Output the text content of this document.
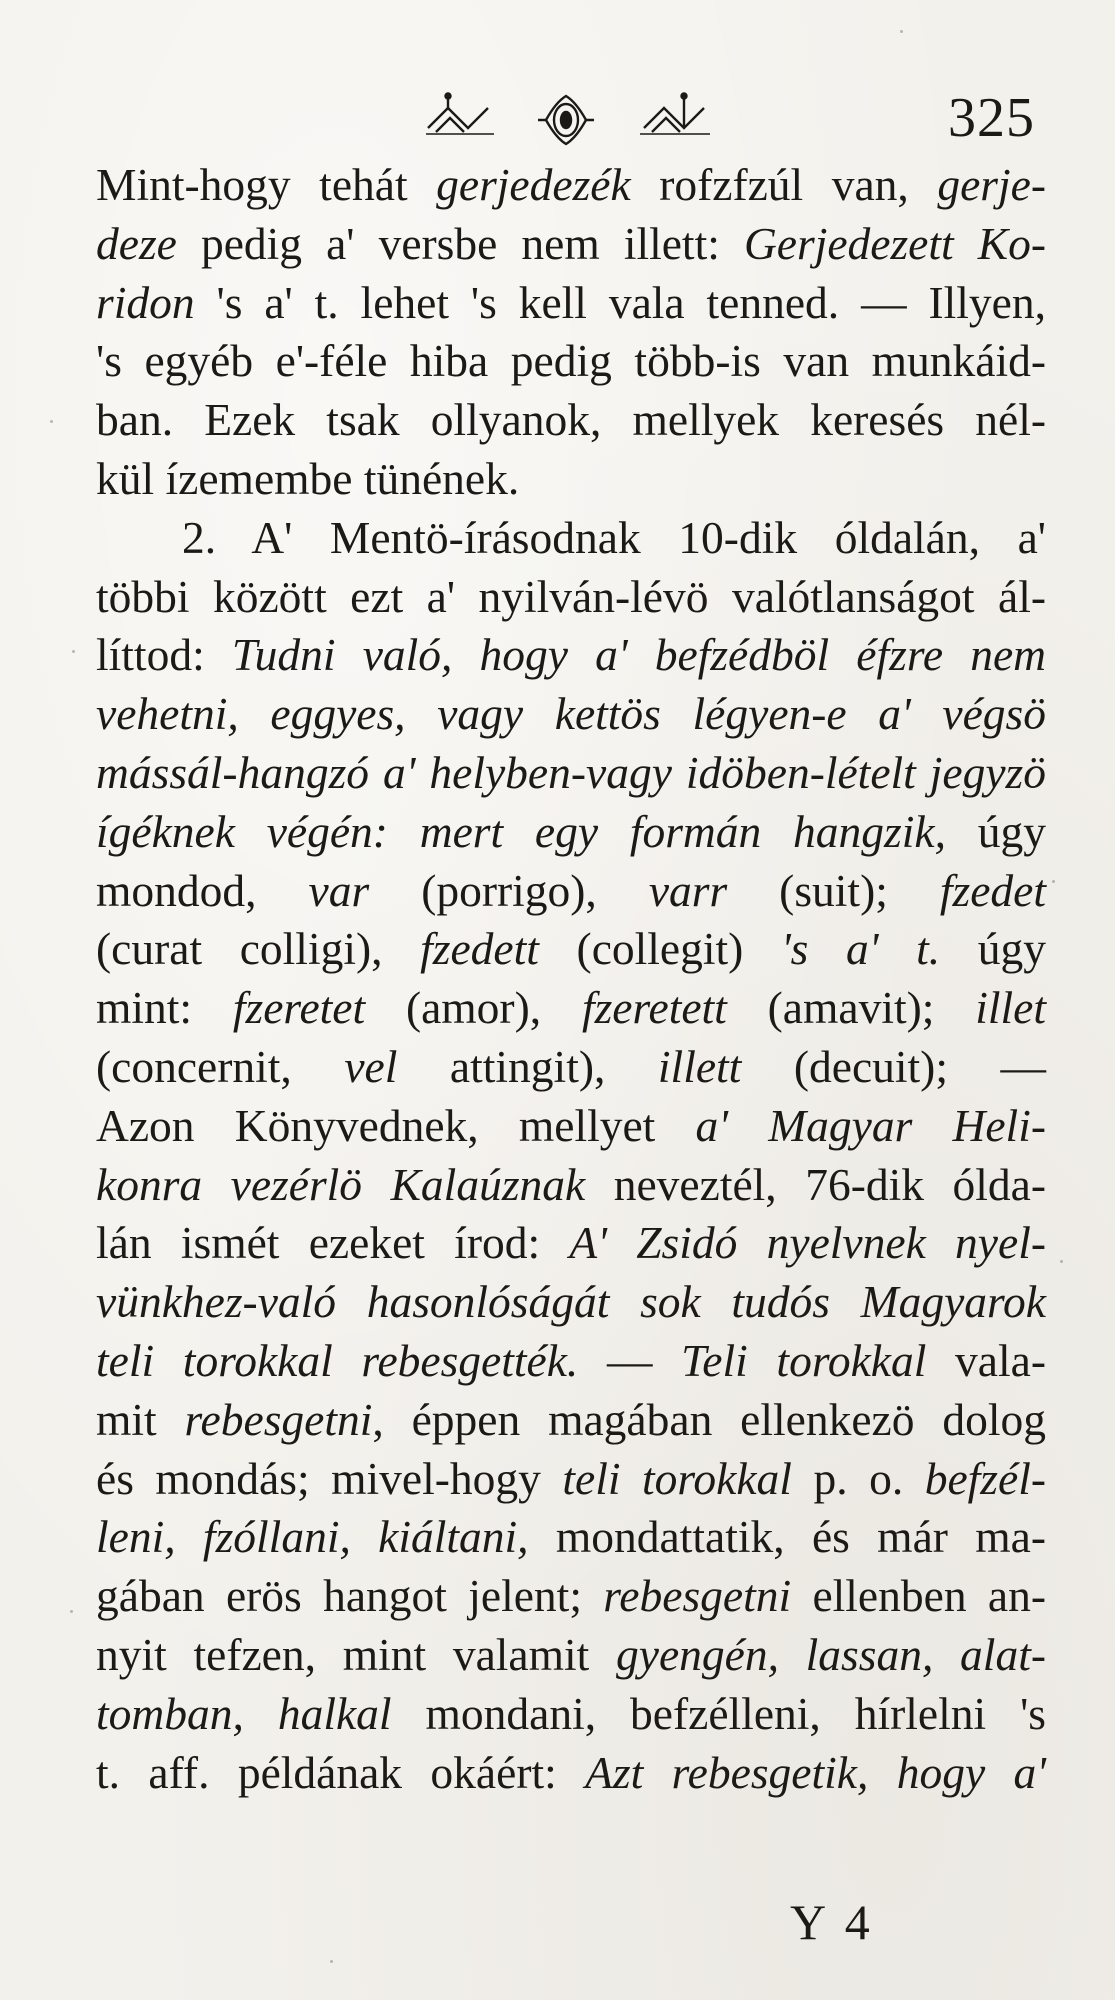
325
Mint-hogy tehát gerjedezék rofzfzúl van, gerje-
deze pedig a' versbe nem illett: Gerjedezett Ko-
ridon 's a' t. lehet 's kell vala tenned. — Illyen,
's egyéb e'-féle hiba pedig több-is van munkáid-
ban. Ezek tsak ollyanok, mellyek keresés nél-
kül ízemembe tünének.
2. A' Mentö-írásodnak 10-dik óldalán, a'
többi között ezt a' nyilván-lévö valótlanságot ál-
líttod: Tudni való, hogy a' befzédböl éfzre nem
vehetni, eggyes, vagy kettös légyen-e a' végsö
mássál-hangzó a' helyben-vagy idöben-lételt jegyzö
ígéknek végén: mert egy formán hangzik, úgy
mondod, var (porrigo), varr (suit); fzedet
(curat colligi), fzedett (collegit) 's a' t. úgy
mint: fzeretet (amor), fzeretett (amavit); illet
(concernit, vel attingit), illett (decuit); —
Azon Könyvednek, mellyet a' Magyar Heli-
konra vezérlö Kalaúznak neveztél, 76-dik ólda-
lán ismét ezeket írod: A' Zsidó nyelvnek nyel-
vünkhez-való hasonlóságát sok tudós Magyarok
teli torokkal rebesgették. — Teli torokkal vala-
mit rebesgetni, éppen magában ellenkezö dolog
és mondás; mivel-hogy teli torokkal p. o. befzél-
leni, fzóllani, kiáltani, mondattatik, és már ma-
gában erös hangot jelent; rebesgetni ellenben an-
nyit tefzen, mint valamit gyengén, lassan, alat-
tomban, halkal mondani, befzélleni, hírlelni 's
t. aff. példának okáért: Azt rebesgetik, hogy a'
Y 4
